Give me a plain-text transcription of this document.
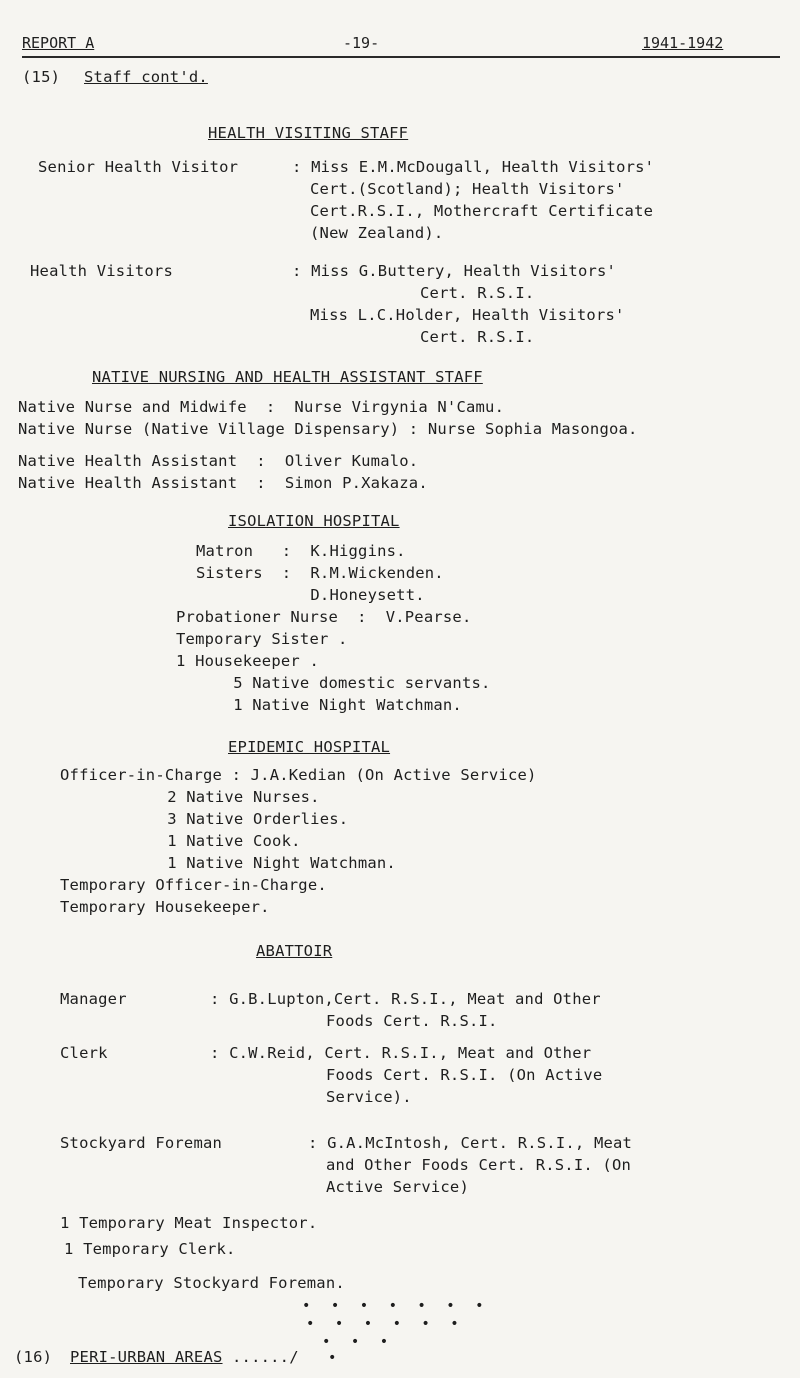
REPORT A	-19-	1941-1942
(15) Staff cont'd.
HEALTH VISITING STAFF
Senior Health Visitor	: Miss E.M.McDougall, Health Visitors'
Cert.(Scotland); Health Visitors'
Cert.R.S.I., Mothercraft Certificate
(New Zealand).
Health Visitors	: Miss G.Buttery, Health Visitors'
Cert. R.S.I.
Miss L.C.Holder, Health Visitors'
Cert. R.S.I.
NATIVE NURSING AND HEALTH ASSISTANT STAFF
Native Nurse and Midwife  :  Nurse Virgynia N'Camu.
Native Nurse (Native Village Dispensary) : Nurse Sophia Masongoa.
Native Health Assistant  :  Oliver Kumalo.
Native Health Assistant  :  Simon P.Xakaza.
ISOLATION HOSPITAL
Matron   :  K.Higgins.
Sisters  :  R.M.Wickenden.
D.Honeysett.
Probationer Nurse  :  V.Pearse.
Temporary Sister .
1 Housekeeper .
5 Native domestic servants.
1 Native Night Watchman.
EPIDEMIC HOSPITAL
Officer-in-Charge : J.A.Kedian (On Active Service)
2 Native Nurses.
3 Native Orderlies.
1 Native Cook.
1 Native Night Watchman.
Temporary Officer-in-Charge.
Temporary Housekeeper.
ABATTOIR
Manager	: G.B.Lupton,Cert. R.S.I., Meat and Other
Foods Cert. R.S.I.
Clerk	: C.W.Reid, Cert. R.S.I., Meat and Other
Foods Cert. R.S.I. (On Active
Service).
Stockyard Foreman	: G.A.McIntosh, Cert. R.S.I., Meat
and Other Foods Cert. R.S.I. (On
Active Service)
1 Temporary Meat Inspector.
1 Temporary Clerk.
Temporary Stockyard Foreman.
• • • • • • •
• • • • • •
• • •
•
(16) PERI-URBAN AREAS ....../
